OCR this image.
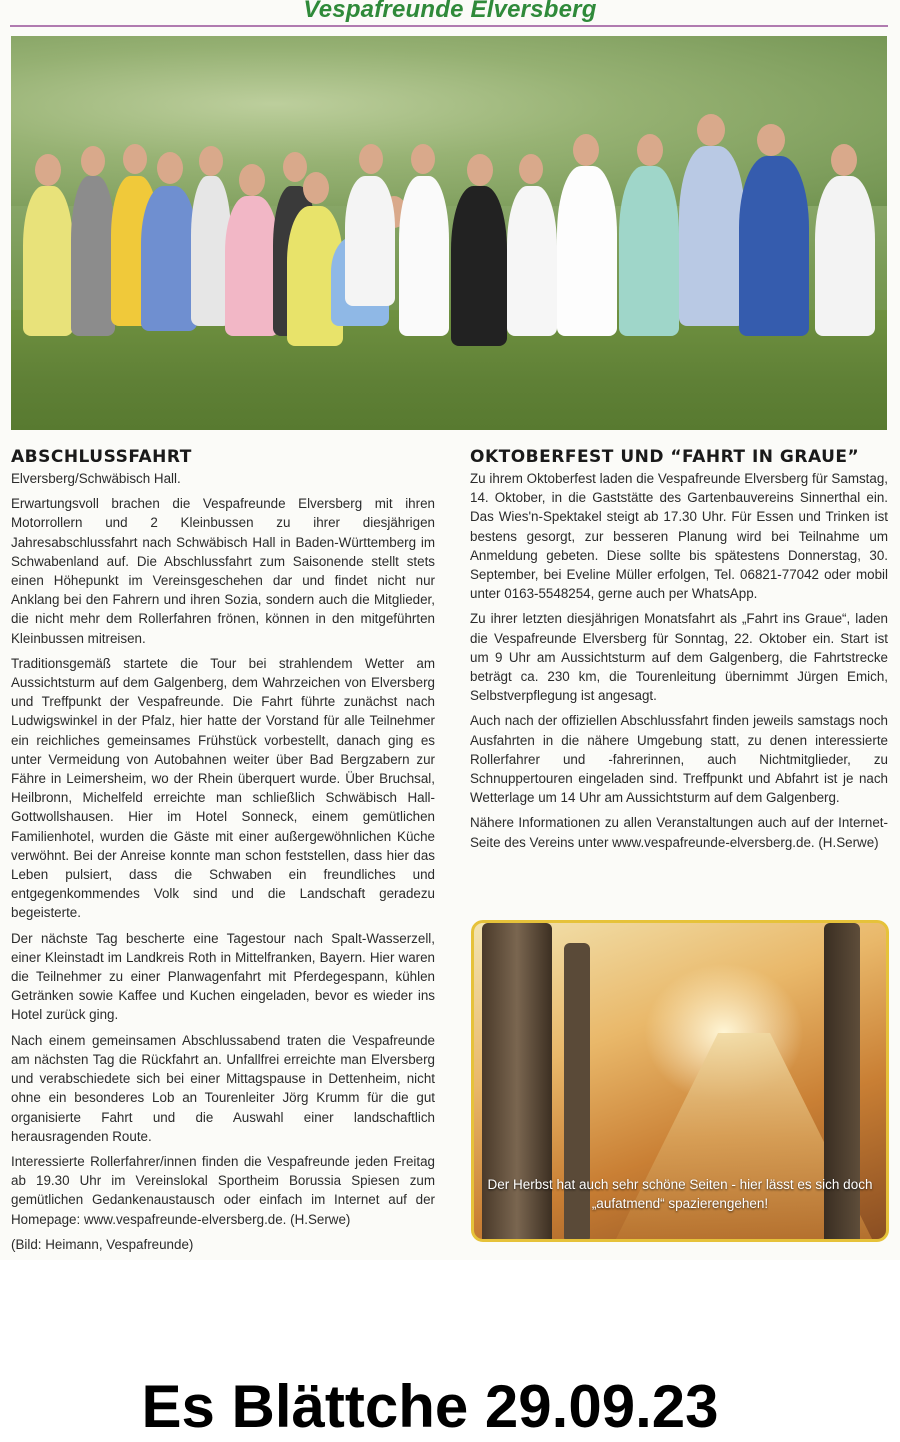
Vespafreunde Elversberg
ABSCHLUSSFAHRT
Elversberg/Schwäbisch Hall.
Erwartungsvoll brachen die Vespafreunde Elversberg mit ihren Motorrollern und 2 Kleinbussen zu ihrer diesjährigen Jahresabschlussfahrt nach Schwäbisch Hall in Baden-Württemberg im Schwabenland auf. Die Abschlussfahrt zum Saisonende stellt stets einen Höhepunkt im Vereinsgeschehen dar und findet nicht nur Anklang bei den Fahrern und ihren Sozia, sondern auch die Mitglieder, die nicht mehr dem Rollerfahren frönen, können in den mitgeführten Kleinbussen mitreisen.
Traditionsgemäß startete die Tour bei strahlendem Wetter am Aussichtsturm auf dem Galgenberg, dem Wahrzeichen von Elversberg und Treffpunkt der Vespafreunde. Die Fahrt führte zunächst nach Ludwigswinkel in der Pfalz, hier hatte der Vorstand für alle Teilnehmer ein reichliches gemeinsames Frühstück vorbestellt, danach ging es unter Vermeidung von Autobahnen weiter über Bad Bergzabern zur Fähre in Leimersheim, wo der Rhein überquert wurde. Über Bruchsal, Heilbronn, Michelfeld erreichte man schließlich Schwäbisch Hall-Gottwollshausen. Hier im Hotel Sonneck, einem gemütlichen Familienhotel, wurden die Gäste mit einer außergewöhnlichen Küche verwöhnt. Bei der Anreise konnte man schon feststellen, dass hier das Leben pulsiert, dass die Schwaben ein freundliches und entgegenkommendes Volk sind und die Landschaft geradezu begeisterte.
Der nächste Tag bescherte eine Tagestour nach Spalt-Wasserzell, einer Kleinstadt im Landkreis Roth in Mittelfranken, Bayern. Hier waren die Teilnehmer zu einer Planwagenfahrt mit Pferdegespann, kühlen Getränken sowie Kaffee und Kuchen eingeladen, bevor es wieder ins Hotel zurück ging.
Nach einem gemeinsamen Abschlussabend traten die Vespafreunde am nächsten Tag die Rückfahrt an. Unfallfrei erreichte man Elversberg und verabschiedete sich bei einer Mittagspause in Dettenheim, nicht ohne ein besonderes Lob an Tourenleiter Jörg Krumm für die gut organisierte Fahrt und die Auswahl einer landschaftlich herausragenden Route.
Interessierte Rollerfahrer/innen finden die Vespafreunde jeden Freitag ab 19.30 Uhr im Vereinslokal Sportheim Borussia Spiesen zum gemütlichen Gedankenaustausch oder einfach im Internet auf der Homepage: www.vespafreunde-elversberg.de. (H.Serwe)
(Bild: Heimann, Vespafreunde)
OKTOBERFEST UND “FAHRT IN GRAUE”
Zu ihrem Oktoberfest laden die Vespafreunde Elversberg für Samstag, 14. Oktober, in die Gaststätte des Gartenbauvereins Sinnerthal ein. Das Wies'n-Spektakel steigt ab 17.30 Uhr. Für Essen und Trinken ist bestens gesorgt, zur besseren Planung wird bei Teilnahme um Anmeldung gebeten. Diese sollte bis spätestens Donnerstag, 30. September, bei Eveline Müller erfolgen, Tel. 06821-77042 oder mobil unter 0163-5548254, gerne auch per WhatsApp.
Zu ihrer letzten diesjährigen Monatsfahrt als „Fahrt ins Graue“, laden die Vespafreunde Elversberg für Sonntag, 22. Oktober ein. Start ist um 9 Uhr am Aussichtsturm auf dem Galgenberg, die Fahrtstrecke beträgt ca. 230 km, die Tourenleitung übernimmt Jürgen Emich, Selbstverpflegung ist angesagt.
Auch nach der offiziellen Abschlussfahrt finden jeweils samstags noch Ausfahrten in die nähere Umgebung statt, zu denen interessierte Rollerfahrer und -fahrerinnen, auch Nichtmitglieder, zu Schnuppertouren eingeladen sind. Treffpunkt und Abfahrt ist je nach Wetterlage um 14 Uhr am Aussichtsturm auf dem Galgenberg.
Nähere Informationen zu allen Veranstaltungen auch auf der Internet-Seite des Vereins unter www.vespafreunde-elversberg.de. (H.Serwe)
Der Herbst hat auch sehr schöne Seiten - hier lässt es sich doch „aufatmend“ spazierengehen!
Es Blättche 29.09.23
